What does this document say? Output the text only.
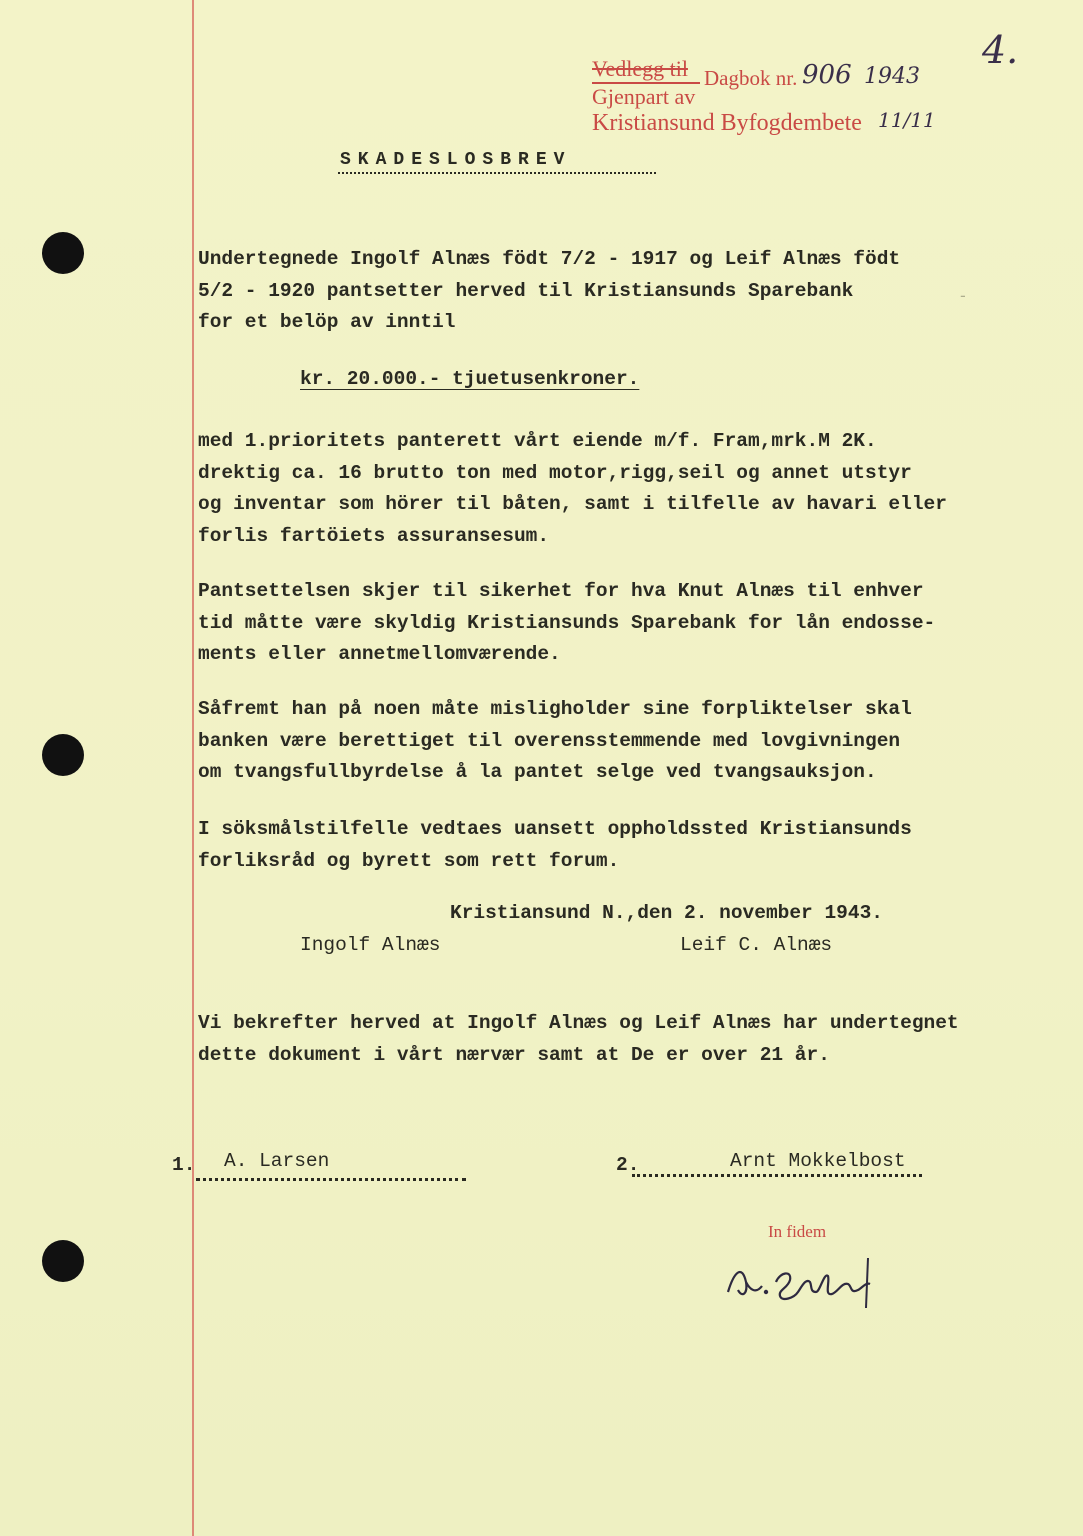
Vedlegg til Dagbok nr.
Gjenpart av
Kristiansund Byfogdembete
906 1943
11/11
4.
SKADESLOSBREV
Undertegnede Ingolf Alnæs födt 7/2 - 1917 og Leif Alnæs födt
5/2 - 1920 pantsetter herved til Kristiansunds Sparebank
for et belöp av inntil
kr. 20.000.- tjuetusenkroner.
med 1.prioritets panterett vårt eiende m/f. Fram,mrk.M 2K.
drektig ca. 16 brutto ton med motor,rigg,seil og annet utstyr
og inventar som hörer til båten, samt i tilfelle av havari eller
forlis fartöiets assuransesum.
Pantsettelsen skjer til sikerhet for hva Knut Alnæs til enhver
tid måtte være skyldig Kristiansunds Sparebank for lån endosse-
ments eller annetmellomværende.
Såfremt han på noen måte misligholder sine forpliktelser skal
banken være berettiget til overensstemmende med lovgivningen
om tvangsfullbyrdelse å la pantet selge ved tvangsauksjon.
I söksmålstilfelle vedtaes uansett oppholdssted Kristiansunds
forliksråd og byrett som rett forum.
Kristiansund N.,den 2. november 1943.
Ingolf Alnæs	Leif C. Alnæs
Vi bekrefter herved at Ingolf Alnæs og Leif Alnæs har undertegnet
dette dokument i vårt nærvær samt at De er over 21 år.
1. A. Larsen	2.	Arnt Mokkelbost
In fidem
‐
